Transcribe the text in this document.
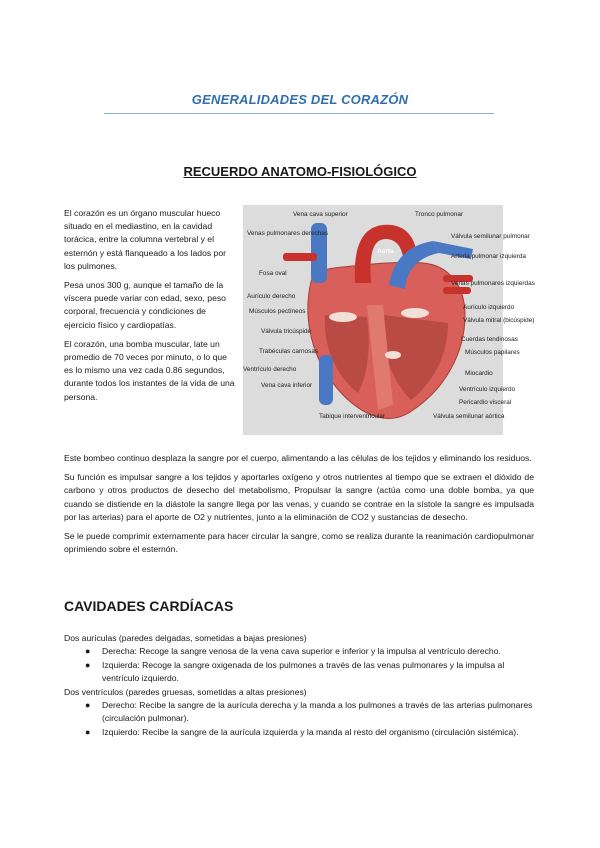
GENERALIDADES DEL CORAZÓN
RECUERDO ANATOMO-FISIOLÓGICO

El corazón es un órgano muscular hueco situado en el mediastino, en la cavidad torácica, entre la columna vertebral y el esternón y está flanqueado a los lados por los pulmones.

Pesa unos 300 g, aunque el tamaño de la víscera puede variar con edad, sexo, peso corporal, frecuencia y condiciones de ejercicio físico y cardiopatías.

El corazón, una bomba muscular, late un promedio de 70 veces por minuto, o lo que es lo mismo una vez cada 0.86 segundos, durante todos los instantes de la vida de una persona.

Aorta
Venas pulmonares derechas
Fosa oval
Aurículo derecho
Músculos pectíneos
Válvula tricúspide
Trabéculas carnosas
Ventrículo derecho
Vena cava inferior
Vena cava superior	Tronco pulmonar
Válvula semilunar pulmonar
Arteria pulmonar izquierda
Venas pulmonares izquierdas
Aurículo izquierdo
Válvula mitral (bicúspide)
Cuerdas tendinosas
Músculos papilares
Miocardio
Ventrículo izquierdo
Pericardio visceral
Válvula semilunar aórtica
Tabique interventricular

Este bombeo continuo desplaza la sangre por el cuerpo, alimentando a las células de los tejidos y eliminando los residuos.

Su función es impulsar sangre a los tejidos y aportarles oxígeno y otros nutrientes al tiempo que se extraen el dióxido de carbono y otros productos de desecho del metabolismo, Propulsar la sangre (actúa como una doble bomba, ya que cuando se distiende en la diástole la sangre llega por las venas, y cuando se contrae en la sístole la sangre es impulsada por las arterias) para el aporte de O2 y nutrientes, junto a la eliminación de CO2 y sustancias de desecho.

Se le puede comprimir externamente para hacer circular la sangre, como se realiza durante la reanimación cardiopulmonar oprimiendo sobre el esternón.

CAVIDADES CARDÍACAS
Dos aurículas (paredes delgadas, sometidas a bajas presiones)
● Derecha: Recoge la sangre venosa de la vena cava superior e inferior y la impulsa al ventrículo derecho.
● Izquierda: Recoge la sangre oxigenada de los pulmones a través de las venas pulmonares y la impulsa al ventrículo izquierdo.
Dos ventrículos (paredes gruesas, sometidas a altas presiones)
● Derecho: Recibe la sangre de la aurícula derecha y la manda a los pulmones a través de las arterias pulmonares (circulación pulmonar).
● Izquierdo: Recibe la sangre de la aurícula izquierda y la manda al resto del organismo (circulación sistémica).
